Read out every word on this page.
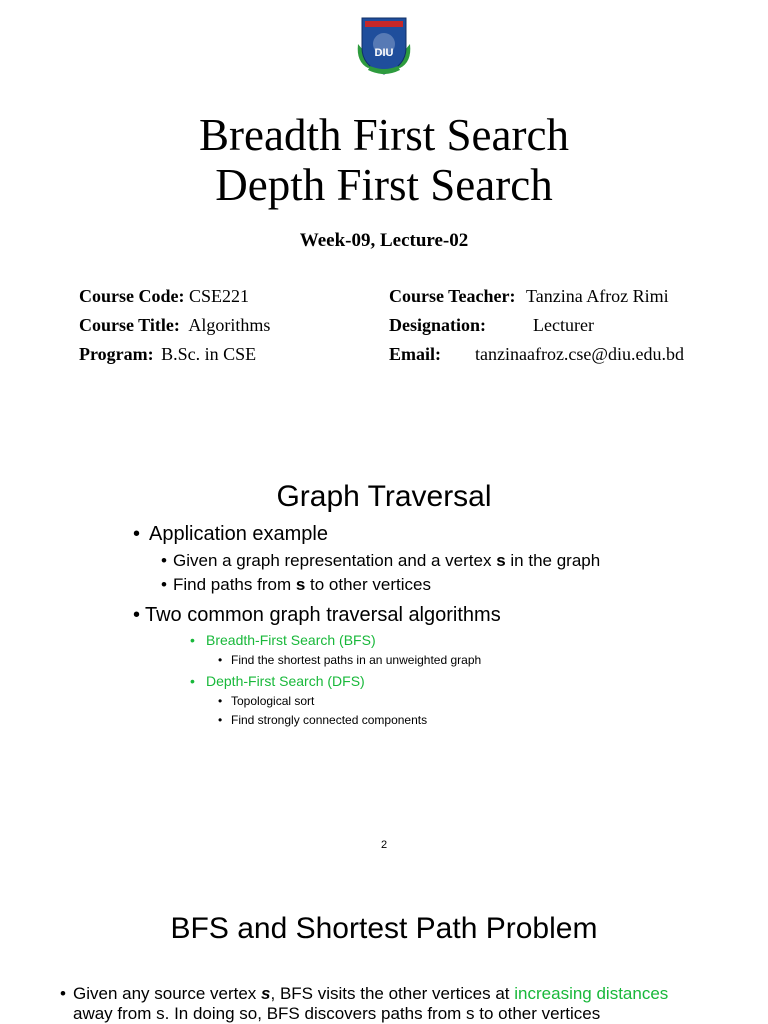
DIU
Breadth First Search
Depth First Search
Week-09, Lecture-02
Course Code: CSE221
Course Title: Algorithms
Program: B.Sc. in CSE
Course Teacher: Tanzina Afroz Rimi
Designation:	Lecturer
Email: tanzinaafroz.cse@diu.edu.bd
Graph Traversal
• Application example
• Given a graph representation and a vertex s in the graph
• Find paths from s to other vertices
• Two common graph traversal algorithms
• Breadth-First Search (BFS)
• Find the shortest paths in an unweighted graph
• Depth-First Search (DFS)
• Topological sort
• Find strongly connected components
2
BFS and Shortest Path Problem
• Given any source vertex s, BFS visits the other vertices at increasing distances
away from s. In doing so, BFS discovers paths from s to other vertices
